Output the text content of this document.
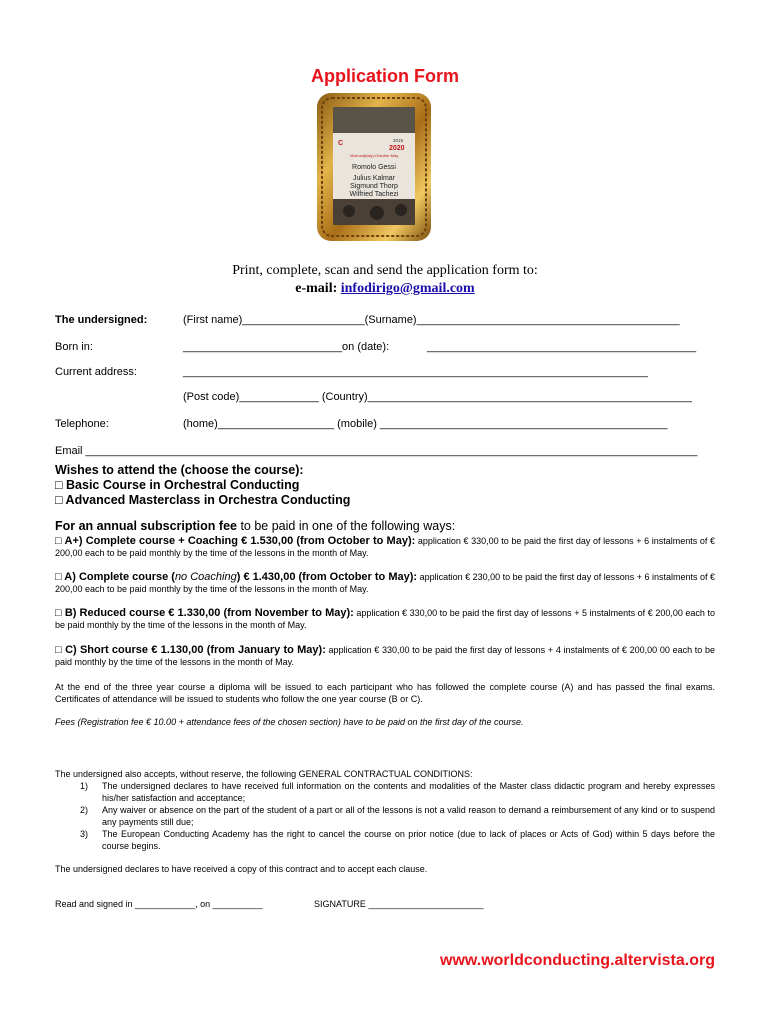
Application Form
C	2019
2020
Vicenza(Italy)-October-May
Romolo Gessi
Julius Kalmar
Sigmund Thorp
Wilfried Tachezi
Print, complete, scan and send the application form to:
e-mail: infodirigo@gmail.com
The undersigned:	(First name)____________________(Surname)___________________________________________
Born in:	__________________________on (date):	____________________________________________
Current address:	____________________________________________________________________________
(Post code)_____________ (Country)_____________________________________________________
Telephone:	(home)___________________ (mobile) _______________________________________________
Email ____________________________________________________________________________________________________
Wishes to attend the (choose the course):
□ Basic Course in Orchestral Conducting
□ Advanced Masterclass in Orchestra Conducting
For an annual subscription fee to be paid in one of the following ways:
□ A+) Complete course + Coaching € 1.530,00 (from October to May): application € 330,00 to be paid the first day of lessons + 6 instalments of € 200,00 each to be paid monthly by the time of the lessons in the month of May.
□ A) Complete course (no Coaching) € 1.430,00 (from October to May): application € 230,00 to be paid the first day of lessons + 6 instalments of € 200,00 each to be paid monthly by the time of the lessons in the month of May.
□ B) Reduced course € 1.330,00 (from November to May): application € 330,00 to be paid the first day of lessons + 5 instalments of € 200,00 each to be paid monthly by the time of the lessons in the month of May.
□ C) Short course € 1.130,00 (from January to May): application € 330,00 to be paid the first day of lessons + 4 instalments of € 200,00 00 each to be paid monthly by the time of the lessons in the month of May.
At the end of the three year course a diploma will be issued to each participant who has followed the complete course (A) and has passed the final exams. Certificates of attendance will be issued to students who follow the one year course (B or C).
Fees (Registration fee € 10.00 + attendance fees of the chosen section) have to be paid on the first day of the course.
The undersigned also accepts, without reserve, the following GENERAL CONTRACTUAL CONDITIONS:
1)	The undersigned declares to have received full information on the contents and modalities of the Master class didactic program and hereby expresses his/her satisfaction and acceptance;
2)	Any waiver or absence on the part of the student of a part or all of the lessons is not a valid reason to demand a reimbursement of any kind or to suspend any payments still due;
3)	The European Conducting Academy has the right to cancel the course on prior notice (due to lack of places or Acts of God) within 5 days before the course begins.
The undersigned declares to have received a copy of this contract and to accept each clause.
Read and signed in ____________, on __________	SIGNATURE _______________________
www.worldconducting.altervista.org
